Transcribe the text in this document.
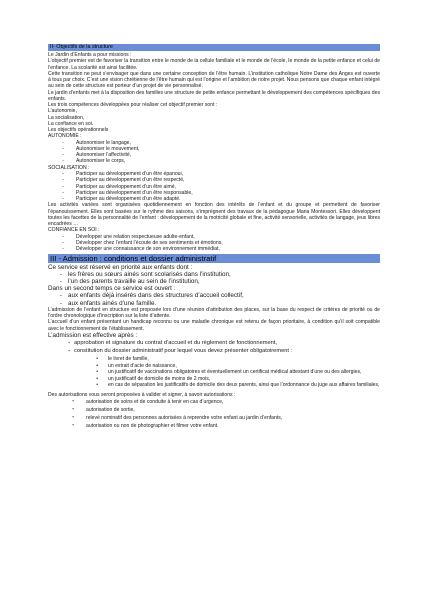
II- Objectifs de la structure

Le Jardin d’Enfants a pour missions :

L’objectif premier est de favoriser la transition entre le monde de la cellule familiale et le monde de l’école, le monde de la petite enfance et celui de l’enfance. La scolarité est ainsi facilitée.

Cette transition ne peut s’envisager que dans une certaine conception de l’être humain. L’institution catholique Notre Dame des Anges est ouverte à tous par choix. C’est une vision chrétienne de l’être humain qui est l’origine et l’ambition de notre projet. Nous pensons que chaque enfant intégré au sein de cette structure est porteur d’un projet de vie personnalisé.

Le jardin d’enfants met à la disposition des familles une structure de petite enfance permettant le développement des compétences spécifiques des enfants.

Les trois compétences développées pour réaliser cet objectif premier sont :

L’autonomie,

La socialisation,

La confiance en soi.

Les objectifs opérationnels

AUTONOMIE :

-	Autonomiser le langage,
-	Autonomiser le mouvement,
-	Autonomiser l’affectivité,
-	Autonomiser le corps,

SOCIALISATION :

-	Participer au développement d’un être épanoui,
-	Participer au développement d’un être respecté,
-	Participer au développement d’un être aimé,
-	Participer au développement d’un être responsable,
-	Participer au développement d’un être adapté.

Les activités variées sont organisées quotidiennement en fonction des intérêts de l’enfant et du groupe et permettent de favoriser l’épanouissement. Elles sont basées sur le rythme des saisons, s’imprègnent des travaux de la pédagogue Maria Montessori. Elles développent toutes les facettes de la personnalité de l’enfant : développement de la motricité globale et fine, activité sensorielle, activités de langage, jeux libres encadrées …

CONFIANCE EN SOI :

-	Développer une relation respectueuse adulte-enfant,
-	Développer chez l’enfant l’écoute de ses sentiments et émotions,
-	Développer une connaissance de son environnement immédiat,
III - Admission : conditions et dossier administratif

Ce service est réservé en priorité aux enfants dont :

- les frères ou sœurs ainés sont scolarisés dans l’institution,
- l’un des parents travaille au sein de l’institution,

Dans un second temps ce service est ouvert :

- aux enfants déjà insérés dans des structures d’accueil collectif,
- aux enfants ainés d’une famille.

L’admission de l’enfant en structure est proposée lors d’une réunion d’attribution des places, sur la base du respect de critères de priorité ou de l’ordre chronologique d’inscription sur la liste d’attente.

L’accueil d’un enfant présentant un handicap reconnu ou une maladie chronique est retenu de façon prioritaire, à condition qu’il soit compatible avec le fonctionnement de l’établissement.

L’admission est effective après :

- approbation et signature du contrat d’accueil et du règlement de fonctionnement,
- constitution du dossier administratif pour lequel vous devez présenter obligatoirement :
•	le livret de famille,
•	un extrait d’acte de naissance,
•	un justificatif de vaccinations obligatoires et éventuellement un certificat médical attestant d’une ou des allergies,
•	un justificatif de domicile de moins de 2 mois,
•	en cas de séparation les justificatifs de domicile des deux parents, ainsi que l’ordonnance du juge aux affaires familiales,

Des autorisations vous seront proposées à valider et signer, à savoir autorisations :

-	autorisation de soins et de conduite à tenir en cas d’urgence,
-	autorisation de sortie,
-	relevé nominatif des personnes autorisées à reprendre votre enfant au jardin d’enfants,
-	autorisation ou non de photographier et filmer votre enfant.
